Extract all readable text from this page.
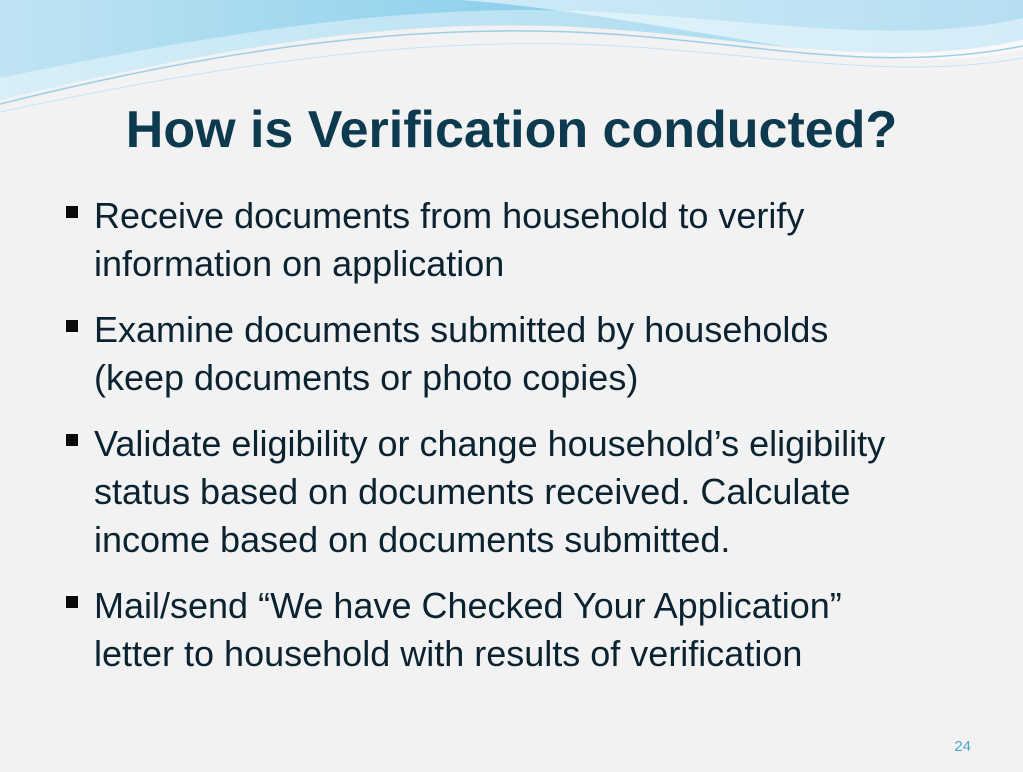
How is Verification conducted?
Receive documents from household to verify
information on application
Examine documents submitted by households
(keep documents or photo copies)
Validate eligibility or change household’s eligibility
status based on documents received. Calculate
income based on documents submitted.
Mail/send “We have Checked Your Application”
letter to household with results of verification
24
